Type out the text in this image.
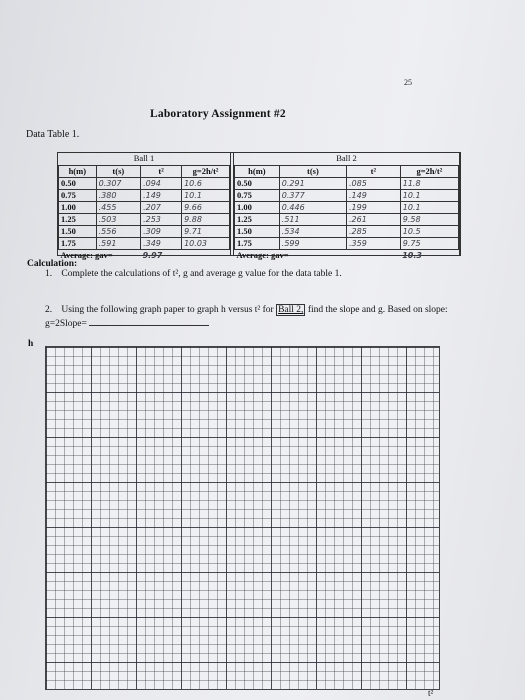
25
Laboratory Assignment #2
Data Table 1.
Ball 1
h(m)	t(s)	t²	g=2h/t²
0.50	0.307	.094	10.6
0.75	.380	.149	10.1
1.00	.455	.207	9.66
1.25	.503	.253	9.88
1.50	.556	.309	9.71
1.75	.591	.349	10.03
Average: gav=		9.97	
Ball 2
h(m)	t(s)	t²	g=2h/t²
0.50	0.291	.085	11.8
0.75	0.377	.149	10.1
1.00	0.446	.199	10.1
1.25	.511	.261	9.58
1.50	.534	.285	10.5
1.75	.599	.359	9.75
Average: gav=			10.3
Calculation:
1. Complete the calculations of t², g and average g value for the data table 1.
2. Using the following graph paper to graph h versus t² for Ball 2, find the slope and g. Based on slope: g=2Slope=
h
t²
